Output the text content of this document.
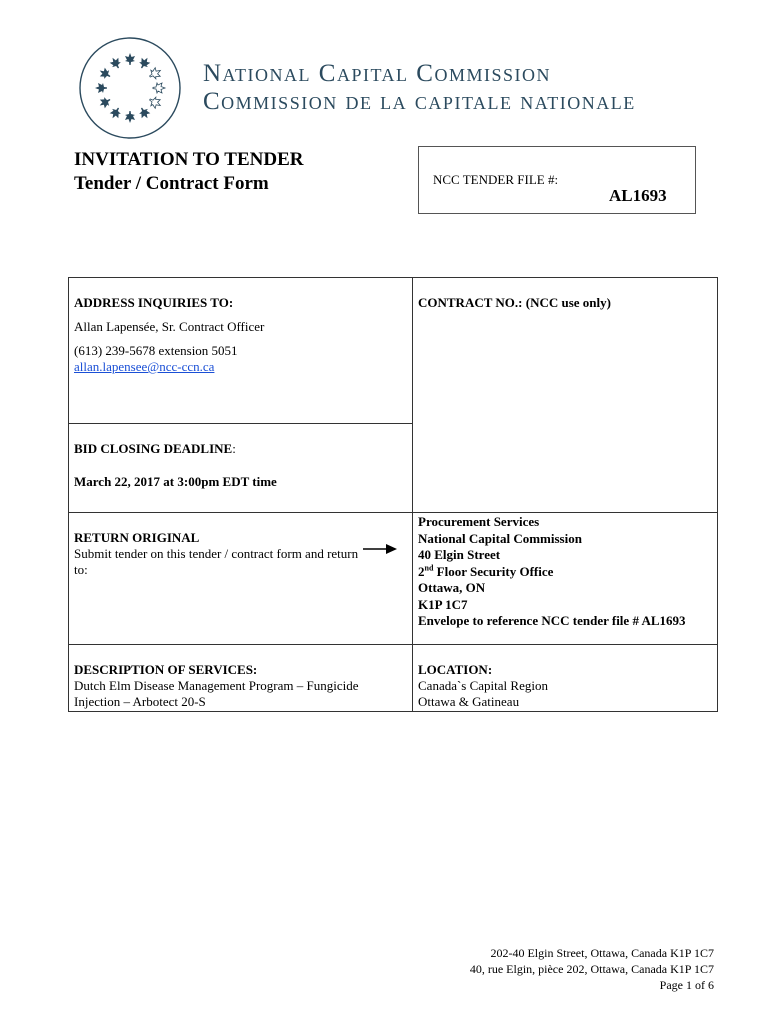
National Capital Commission
Commission de la capitale nationale
INVITATION TO TENDER
Tender / Contract Form	NCC TENDER FILE #:
AL1693
ADDRESS INQUIRIES TO:
Allan Lapensée, Sr. Contract Officer
(613) 239-5678 extension 5051
allan.lapensee@ncc-ccn.ca
CONTRACT NO.: (NCC use only)
BID CLOSING DEADLINE:
March 22, 2017 at 3:00pm EDT time
RETURN ORIGINAL
Submit tender on this tender / contract form and return to:
Procurement Services
National Capital Commission
40 Elgin Street
2nd Floor Security Office
Ottawa, ON
K1P 1C7
Envelope to reference NCC tender file # AL1693
DESCRIPTION OF SERVICES:
Dutch Elm Disease Management Program – Fungicide
Injection – Arbotect 20-S
LOCATION:
Canada`s Capital Region
Ottawa & Gatineau
202-40 Elgin Street, Ottawa, Canada K1P 1C7
40, rue Elgin, pièce 202, Ottawa, Canada K1P 1C7
Page 1 of 6
